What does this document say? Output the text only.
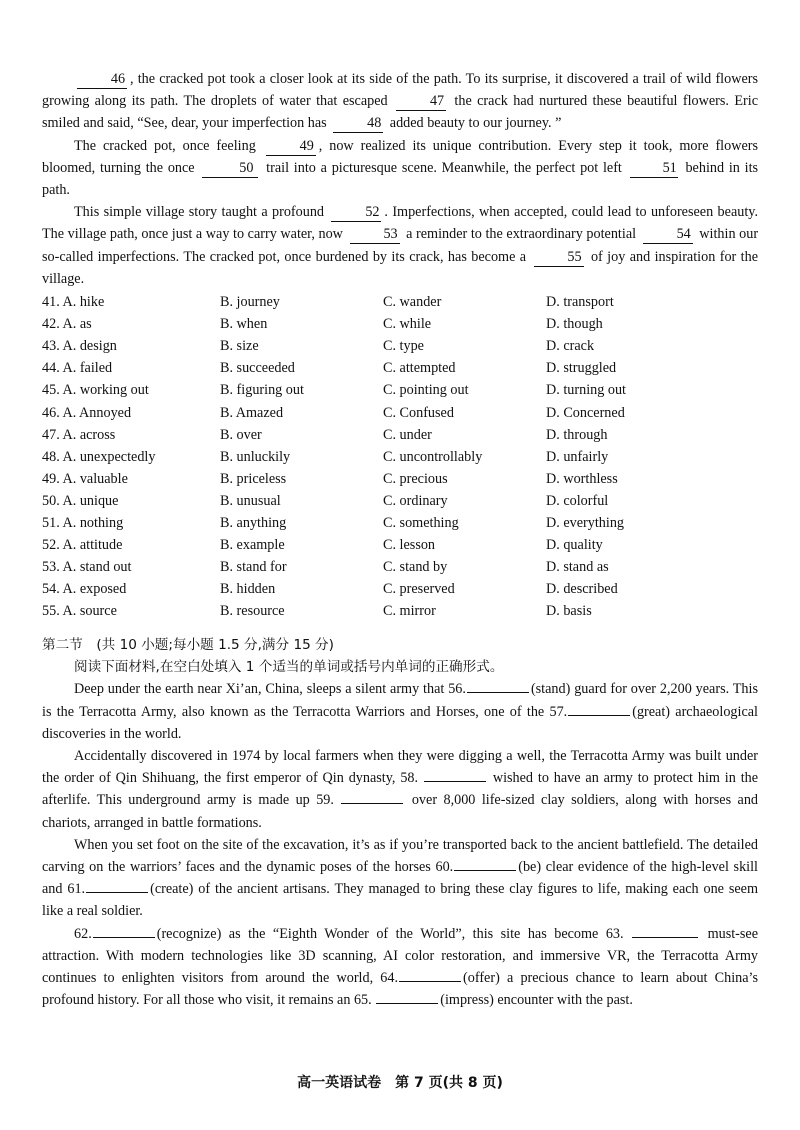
46 , the cracked pot took a closer look at its side of the path. To its surprise, it discovered a trail of wild flowers growing along its path. The droplets of water that escaped	47 the crack had nurtured these beautiful flowers. Eric smiled and said, “See, dear, your imperfection has	48 added beauty to our journey. ”

The cracked pot, once feeling	49 , now realized its unique contribution. Every step it took, more flowers bloomed, turning the once	50 trail into a picturesque scene. Meanwhile, the perfect pot left	51 behind in its path.

This simple village story taught a profound	52 . Imperfections, when accepted, could lead to unforeseen beauty. The village path, once just a way to carry water, now	53 a reminder to the extraordinary potential	54 within our so-called imperfections. The cracked pot, once burdened by its crack, has become a	55 of joy and inspiration for the village.

41. A. hike	B. journey	C. wander	D. transport
42. A. as	B. when	C. while	D. though
43. A. design	B. size	C. type	D. crack
44. A. failed	B. succeeded	C. attempted	D. struggled
45. A. working out	B. figuring out	C. pointing out	D. turning out
46. A. Annoyed	B. Amazed	C. Confused	D. Concerned
47. A. across	B. over	C. under	D. through
48. A. unexpectedly	B. unluckily	C. uncontrollably	D. unfairly
49. A. valuable	B. priceless	C. precious	D. worthless
50. A. unique	B. unusual	C. ordinary	D. colorful
51. A. nothing	B. anything	C. something	D. everything
52. A. attitude	B. example	C. lesson	D. quality
53. A. stand out	B. stand for	C. stand by	D. stand as
54. A. exposed	B. hidden	C. preserved	D. described
55. A. source	B. resource	C. mirror	D. basis
第二节　(共 10 小题;每小题 1.5 分,满分 15 分)

阅读下面材料,在空白处填入 1 个适当的单词或括号内单词的正确形式。

Deep under the earth near Xi’an, China, sleeps a silent army that 56.	(stand) guard for over 2,200 years. This is the Terracotta Army, also known as the Terracotta Warriors and Horses, one of the 57.	(great) archaeological discoveries in the world.

Accidentally discovered in 1974 by local farmers when they were digging a well, the Terracotta Army was built under the order of Qin Shihuang, the first emperor of Qin dynasty, 58.	wished to have an army to protect him in the afterlife. This underground army is made up 59.	over 8,000 life-sized clay soldiers, along with horses and chariots, arranged in battle formations.

When you set foot on the site of the excavation, it’s as if you’re transported back to the ancient battlefield. The detailed carving on the warriors’ faces and the dynamic poses of the horses 60.	(be) clear evidence of the high-level skill and 61.	(create) of the ancient artisans. They managed to bring these clay figures to life, making each one seem like a real soldier.

62.	(recognize) as the “Eighth Wonder of the World”, this site has become 63.	must-see attraction. With modern technologies like 3D scanning, AI color restoration, and immersive VR, the Terracotta Army continues to enlighten visitors from around the world, 64.	(offer) a precious chance to learn about China’s profound history. For all those who visit, it remains an 65.	(impress) encounter with the past.

高一英语试卷　第 7 页(共 8 页)
